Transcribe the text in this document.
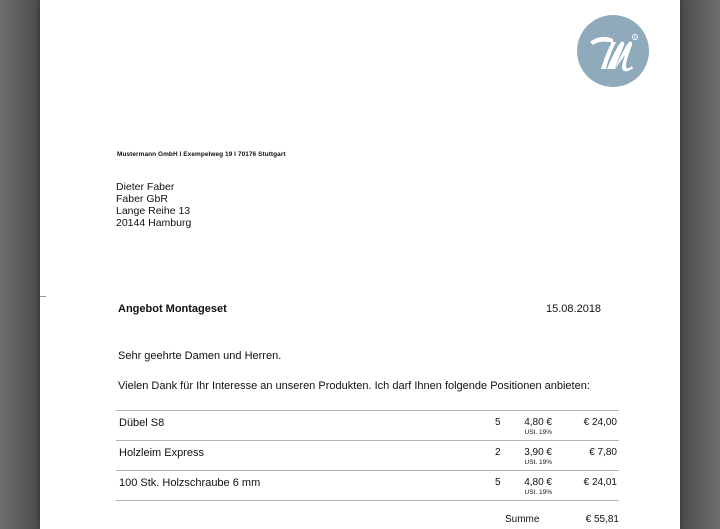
R
Mustermann GmbH I Exempelweg 19 I 70176 Stuttgart
Dieter Faber
Faber GbR
Lange Reihe 13
20144 Hamburg
Angebot Montageset	15.08.2018
Sehr geehrte Damen und Herren.
Vielen Dank für Ihr Interesse an unseren Produkten. Ich darf Ihnen folgende Positionen anbieten:
Dübel S8	5 4,80 €
USt. 19%
€ 24,00
Holzleim Express	2 3,90 €
USt. 19%
€ 7,80
100 Stk. Holzschraube 6 mm	5 4,80 €
USt. 19%
€ 24,01
Summe	€ 55,81
